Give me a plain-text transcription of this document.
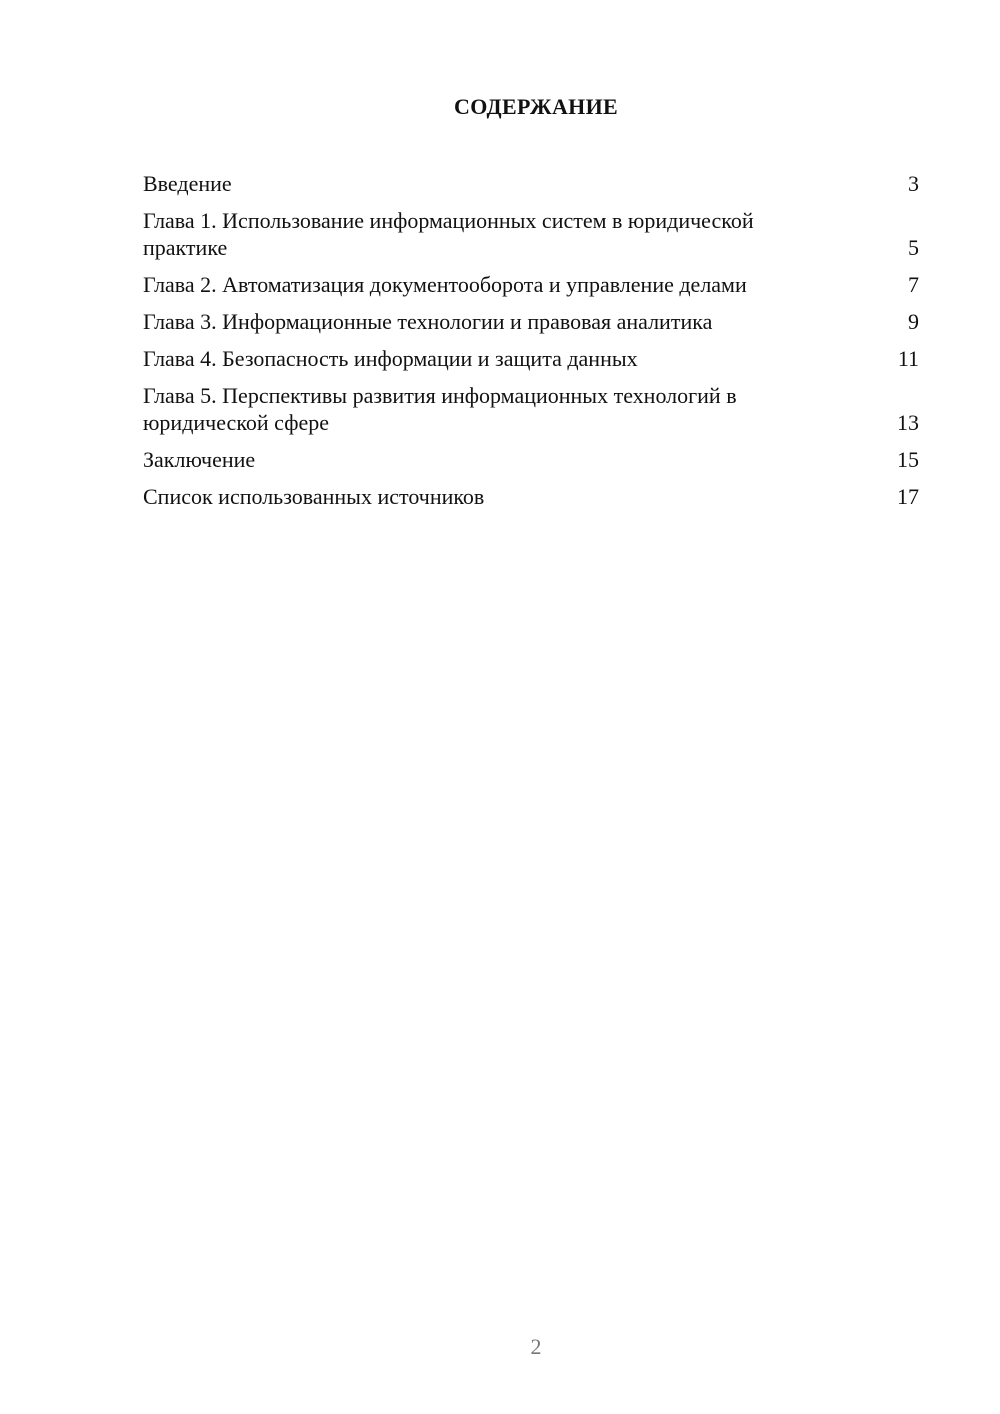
СОДЕРЖАНИЕ
Введение	3
Глава 1. Использование информационных систем в юридической практике	5
Глава 2. Автоматизация документооборота и управление делами	7
Глава 3. Информационные технологии и правовая аналитика	9
Глава 4. Безопасность информации и защита данных	11
Глава 5. Перспективы развития информационных технологий в юридической сфере	13
Заключение	15
Список использованных источников	17
2
